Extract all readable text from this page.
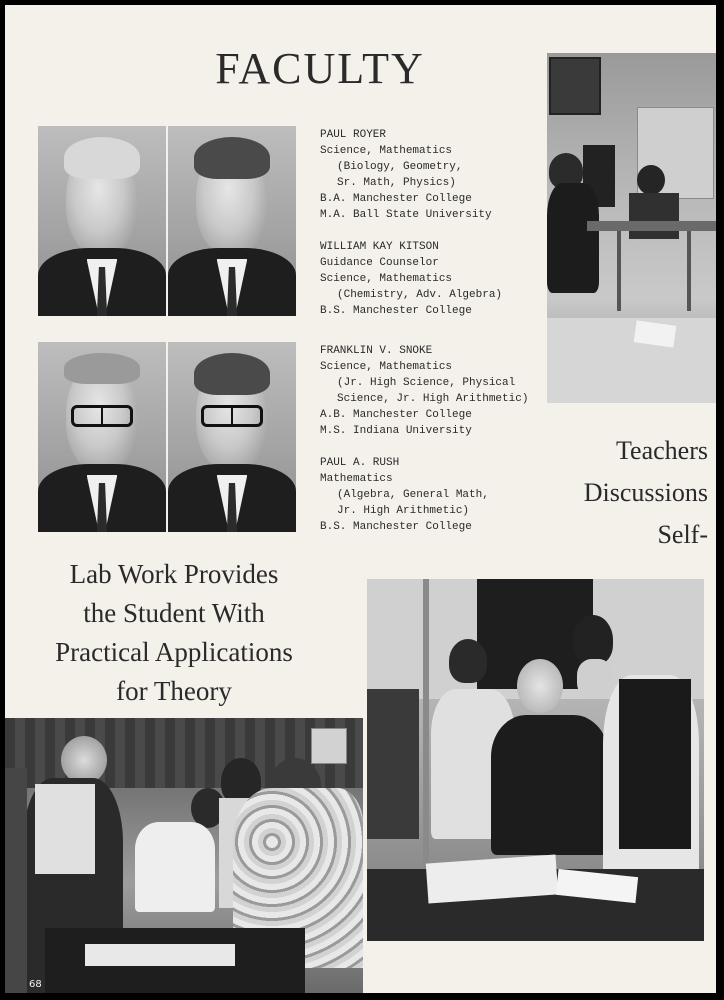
FACULTY
PAUL ROYER
Science, Mathematics
(Biology, Geometry,
Sr. Math, Physics)
B.A. Manchester College
M.A. Ball State University
WILLIAM KAY KITSON
Guidance Counselor
Science, Mathematics
(Chemistry, Adv. Algebra)
B.S. Manchester College
FRANKLIN V. SNOKE
Science, Mathematics
(Jr. High Science, Physical
Science, Jr. High Arithmetic)
A.B. Manchester College
M.S. Indiana University
PAUL A. RUSH
Mathematics
(Algebra, General Math,
Jr. High Arithmetic)
B.S. Manchester College
Teachers
Discussions
Self-
Lab Work Provides
the Student With
Practical Applications
for Theory
68
